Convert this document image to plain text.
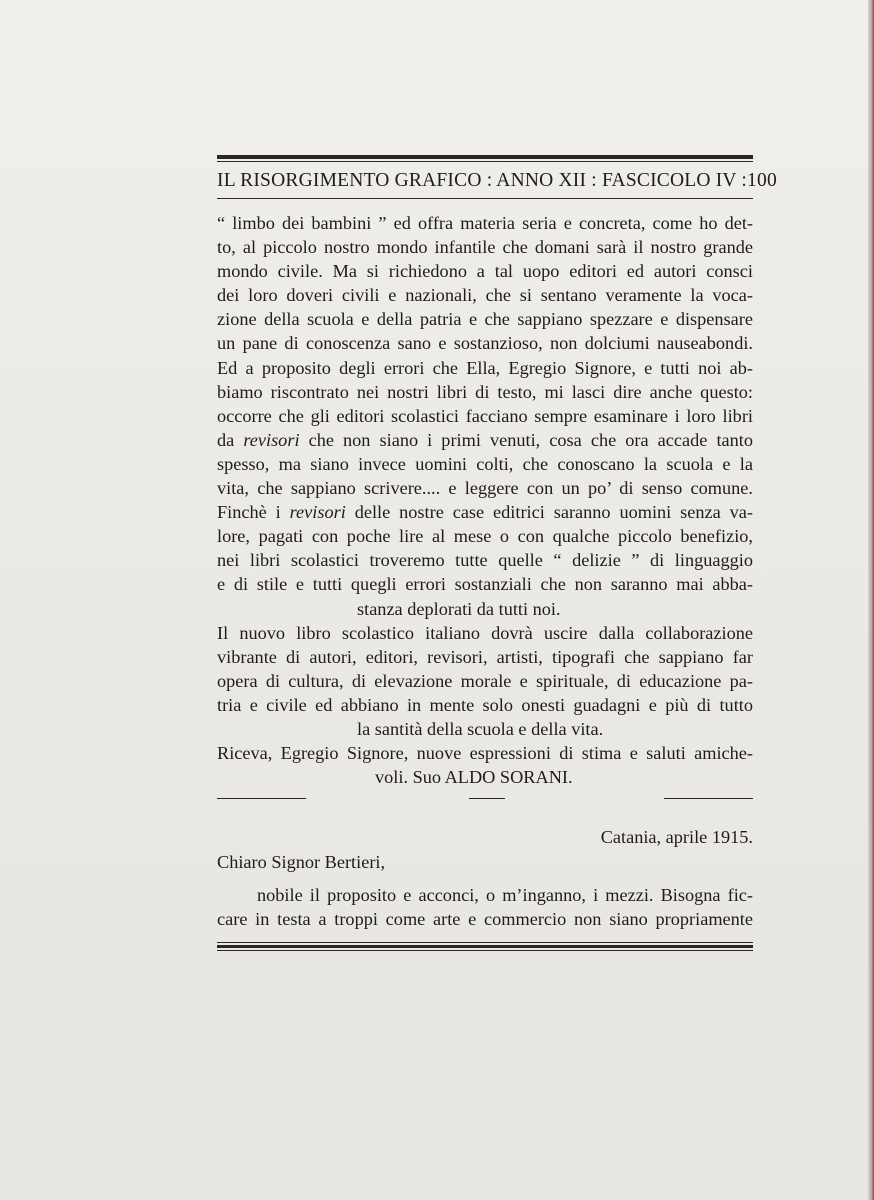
IL RISORGIMENTO GRAFICO : ANNO XII : FASCICOLO IV : 100
“ limbo dei bambini ” ed offra materia seria e concreta, come ho det-
to, al piccolo nostro mondo infantile che domani sarà il nostro grande
mondo civile. Ma si richiedono a tal uopo editori ed autori consci
dei loro doveri civili e nazionali, che si sentano veramente la voca-
zione della scuola e della patria e che sappiano spezzare e dispensare
un pane di conoscenza sano e sostanzioso, non dolciumi nauseabondi.
Ed a proposito degli errori che Ella, Egregio Signore, e tutti noi ab-
biamo riscontrato nei nostri libri di testo, mi lasci dire anche questo:
occorre che gli editori scolastici facciano sempre esaminare i loro libri
da revisori che non siano i primi venuti, cosa che ora accade tanto
spesso, ma siano invece uomini colti, che conoscano la scuola e la
vita, che sappiano scrivere.... e leggere con un po’ di senso comune.
Finchè i revisori delle nostre case editrici saranno uomini senza va-
lore, pagati con poche lire al mese o con qualche piccolo benefizio,
nei libri scolastici troveremo tutte quelle “ delizie ” di linguaggio
e di stile e tutti quegli errori sostanziali che non saranno mai abba-
stanza deplorati da tutti noi.
Il nuovo libro scolastico italiano dovrà uscire dalla collaborazione
vibrante di autori, editori, revisori, artisti, tipografi che sappiano far
opera di cultura, di elevazione morale e spirituale, di educazione pa-
tria e civile ed abbiano in mente solo onesti guadagni e più di tutto
la santità della scuola e della vita.
Riceva, Egregio Signore, nuove espressioni di stima e saluti amiche-
voli. Suo ALDO SORANI.
Catania, aprile 1915.
Chiaro Signor Bertieri,
nobile il proposito e acconci, o m’inganno, i mezzi. Bisogna fic-
care in testa a troppi come arte e commercio non siano propriamente
